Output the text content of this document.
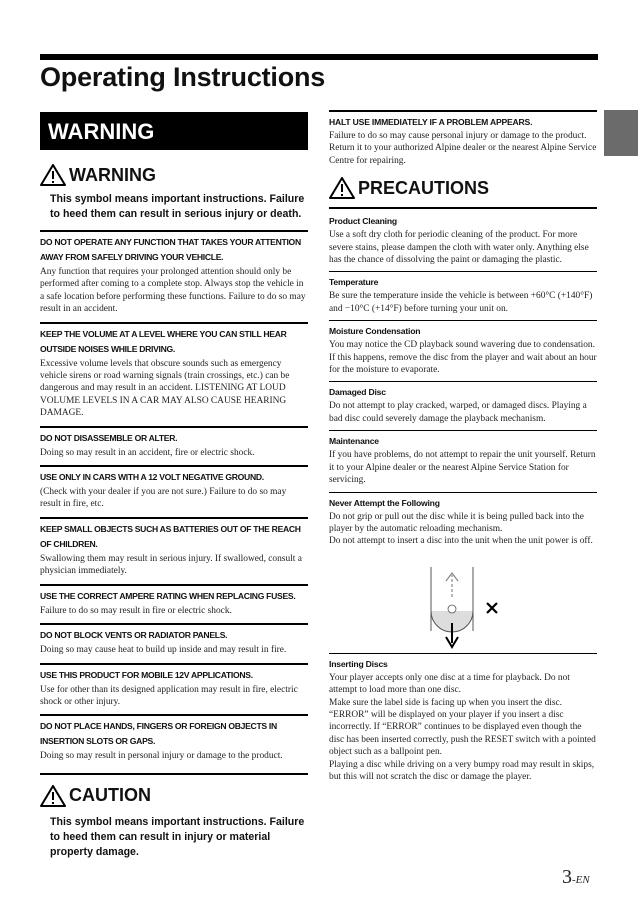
Operating Instructions
WARNING
WARNING
This symbol means important instructions. Failure to heed them can result in serious injury or death.
DO NOT OPERATE ANY FUNCTION THAT TAKES YOUR ATTENTION AWAY FROM SAFELY DRIVING YOUR VEHICLE.
Any function that requires your prolonged attention should only be performed after coming to a complete stop. Always stop the vehicle in a safe location before performing these functions. Failure to do so may result in an accident.
KEEP THE VOLUME AT A LEVEL WHERE YOU CAN STILL HEAR OUTSIDE NOISES WHILE DRIVING.
Excessive volume levels that obscure sounds such as emergency vehicle sirens or road warning signals (train crossings, etc.) can be dangerous and may result in an accident. LISTENING AT LOUD VOLUME LEVELS IN A CAR MAY ALSO CAUSE HEARING DAMAGE.
DO NOT DISASSEMBLE OR ALTER.
Doing so may result in an accident, fire or electric shock.
USE ONLY IN CARS WITH A 12 VOLT NEGATIVE GROUND.
(Check with your dealer if you are not sure.) Failure to do so may result in fire, etc.
KEEP SMALL OBJECTS SUCH AS BATTERIES OUT OF THE REACH OF CHILDREN.
Swallowing them may result in serious injury. If swallowed, consult a physician immediately.
USE THE CORRECT AMPERE RATING WHEN REPLACING FUSES.
Failure to do so may result in fire or electric shock.
DO NOT BLOCK VENTS OR RADIATOR PANELS.
Doing so may cause heat to build up inside and may result in fire.
USE THIS PRODUCT FOR MOBILE 12V APPLICATIONS.
Use for other than its designed application may result in fire, electric shock or other injury.
DO NOT PLACE HANDS, FINGERS OR FOREIGN OBJECTS IN INSERTION SLOTS OR GAPS.
Doing so may result in personal injury or damage to the product.
CAUTION
This symbol means important instructions. Failure to heed them can result in injury or material property damage.
HALT USE IMMEDIATELY IF A PROBLEM APPEARS.
Failure to do so may cause personal injury or damage to the product. Return it to your authorized Alpine dealer or the nearest Alpine Service Centre for repairing.
PRECAUTIONS
Product Cleaning
Use a soft dry cloth for periodic cleaning of the product. For more severe stains, please dampen the cloth with water only. Anything else has the chance of dissolving the paint or damaging the plastic.
Temperature
Be sure the temperature inside the vehicle is between +60°C (+140°F) and −10°C (+14°F) before turning your unit on.
Moisture Condensation
You may notice the CD playback sound wavering due to condensation. If this happens, remove the disc from the player and wait about an hour for the moisture to evaporate.
Damaged Disc
Do not attempt to play cracked, warped, or damaged discs. Playing a bad disc could severely damage the playback mechanism.
Maintenance
If you have problems, do not attempt to repair the unit yourself. Return it to your Alpine dealer or the nearest Alpine Service Station for servicing.
Never Attempt the Following
Do not grip or pull out the disc while it is being pulled back into the player by the automatic reloading mechanism.
Do not attempt to insert a disc into the unit when the unit power is off.
Inserting Discs
Your player accepts only one disc at a time for playback. Do not attempt to load more than one disc.
Make sure the label side is facing up when you insert the disc. “ERROR” will be displayed on your player if you insert a disc incorrectly. If “ERROR” continues to be displayed even though the disc has been inserted correctly, push the RESET switch with a pointed object such as a ballpoint pen.
Playing a disc while driving on a very bumpy road may result in skips, but this will not scratch the disc or damage the player.
3-EN
